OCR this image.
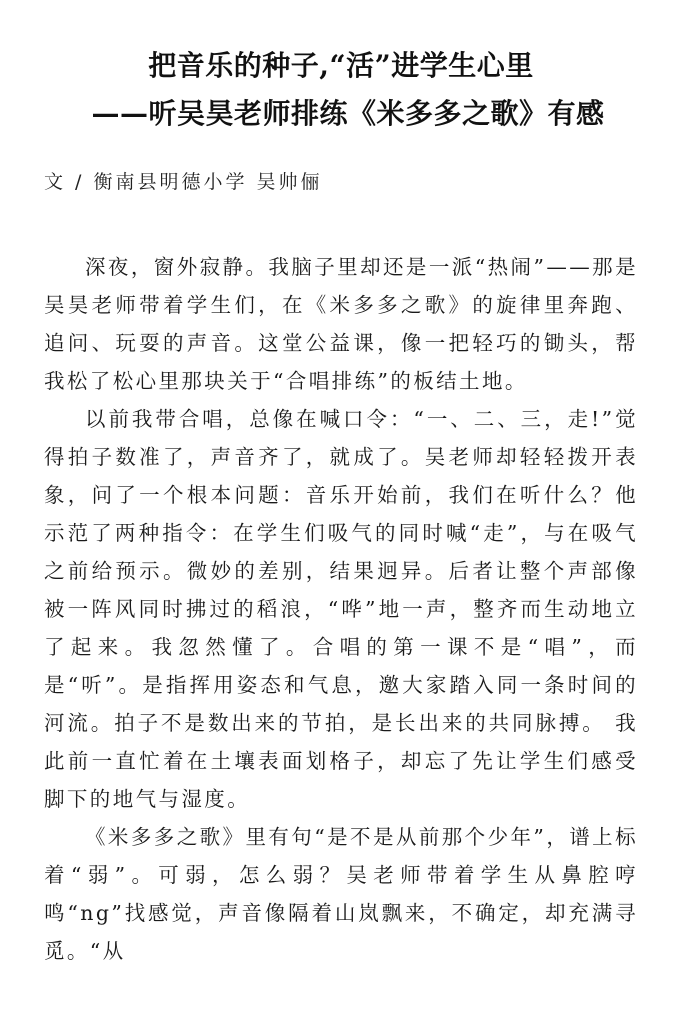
把音乐的种子,“活”进学生心里
——听吴昊老师排练《米多多之歌》有感
文 / 衡南县明德小学 吴帅俪

深夜，窗外寂静。我脑子里却还是一派“热闹”——那是吴昊老师带着学生们，在《米多多之歌》的旋律里奔跑、追问、玩耍的声音。这堂公益课，像一把轻巧的锄头，帮我松了松心里那块关于“合唱排练”的板结土地。

以前我带合唱，总像在喊口令：“一、二、三，走!”觉得拍子数准了，声音齐了，就成了。吴老师却轻轻拨开表象，问了一个根本问题：音乐开始前，我们在听什么？他示范了两种指令：在学生们吸气的同时喊“走”，与在吸气之前给预示。微妙的差别，结果迥异。后者让整个声部像被一阵风同时拂过的稻浪，“哗”地一声，整齐而生动地立了起来。我忽然懂了。合唱的第一课不是“唱”，而是“听”。是指挥用姿态和气息，邀大家踏入同一条时间的河流。拍子不是数出来的节拍，是长出来的共同脉搏。 我此前一直忙着在土壤表面划格子，却忘了先让学生们感受脚下的地气与湿度。

《米多多之歌》里有句“是不是从前那个少年”，谱上标着“弱”。可弱，怎么弱？吴老师带着学生从鼻腔哼鸣“ng”找感觉，声音像隔着山岚飘来，不确定，却充满寻觅。“从
